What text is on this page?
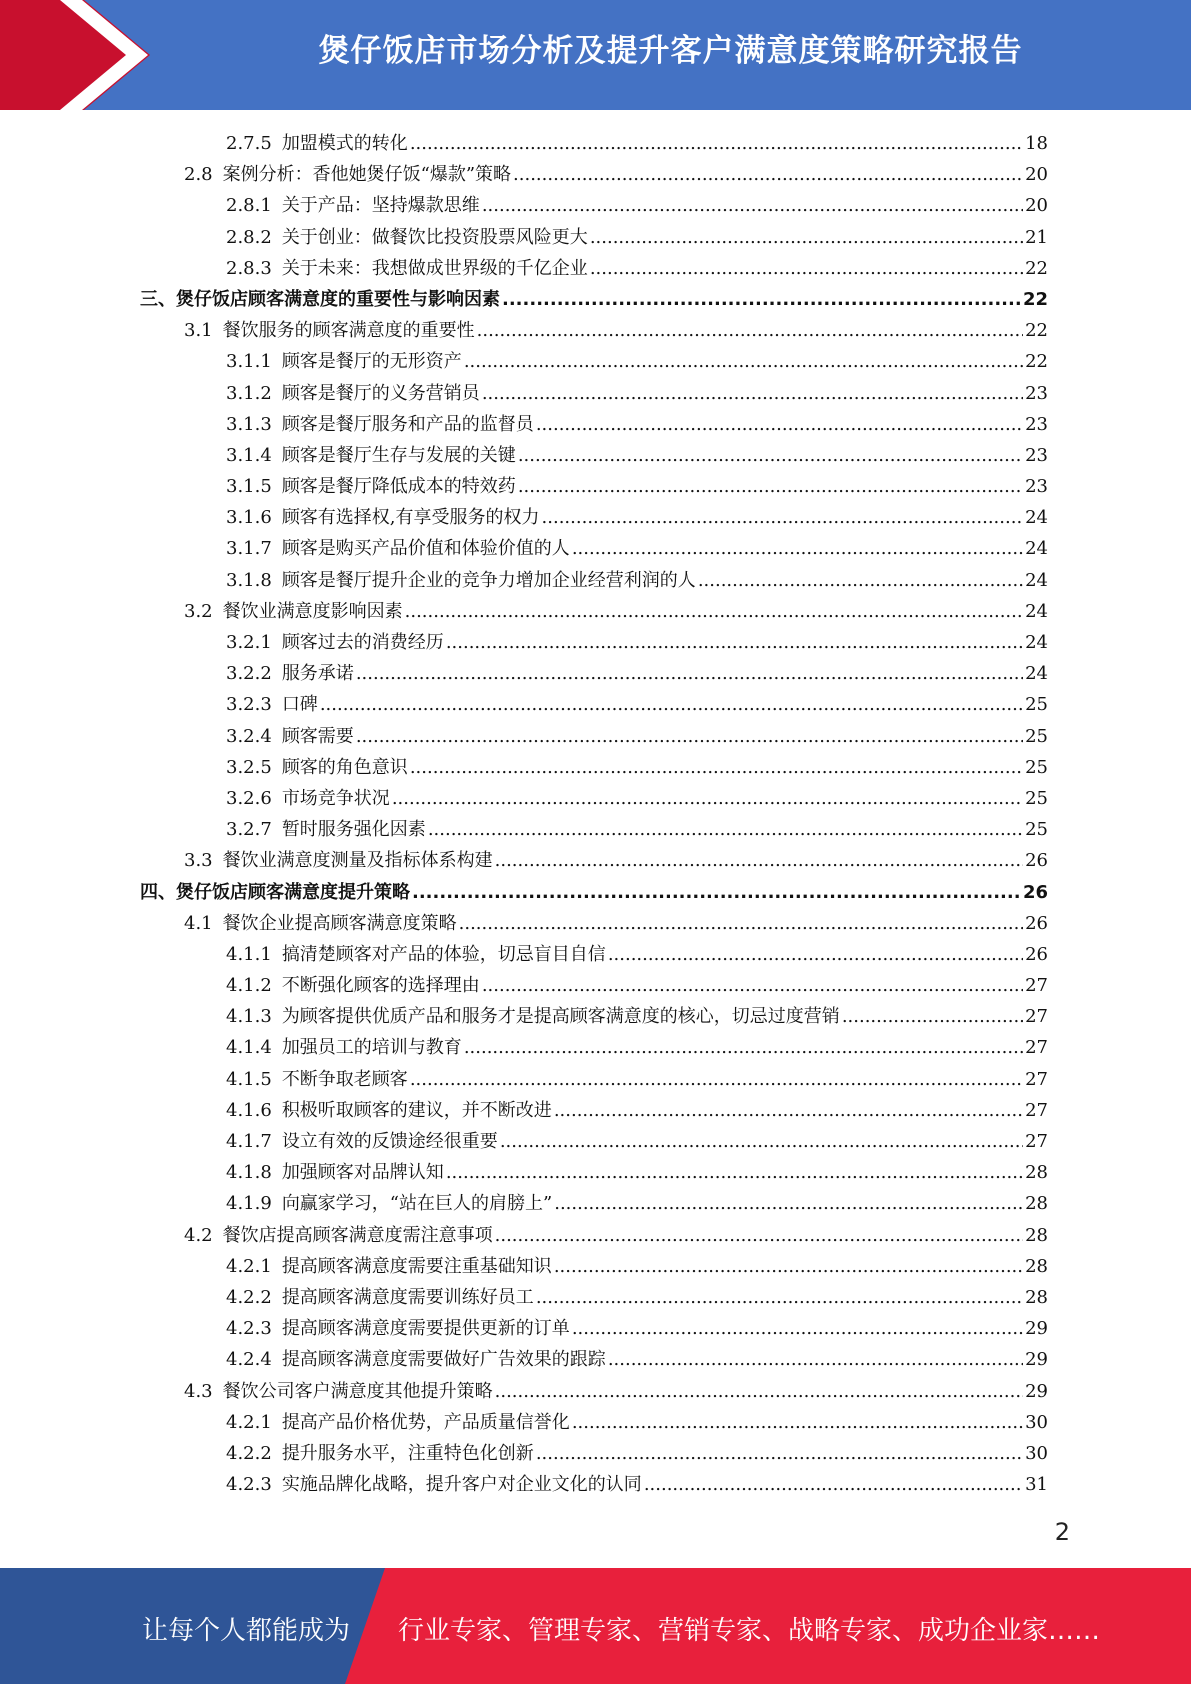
煲仔饭店市场分析及提升客户满意度策略研究报告
2.7.5 加盟模式的转化 .....	18
2.8 案例分析：香他她煲仔饭“爆款”策略 .....	20
2.8.1 关于产品：坚持爆款思维 .....	20
2.8.2 关于创业：做餐饮比投资股票风险更大 .....	21
2.8.3 关于未来：我想做成世界级的千亿企业 .....	22
三、煲仔饭店顾客满意度的重要性与影响因素 .....	22
3.1 餐饮服务的顾客满意度的重要性 .....	22
3.1.1 顾客是餐厅的无形资产 .....	22
3.1.2 顾客是餐厅的义务营销员 .....	23
3.1.3 顾客是餐厅服务和产品的监督员 .....	23
3.1.4 顾客是餐厅生存与发展的关键 .....	23
3.1.5 顾客是餐厅降低成本的特效药 .....	23
3.1.6 顾客有选择权,有享受服务的权力 .....	24
3.1.7 顾客是购买产品价值和体验价值的人 .....	24
3.1.8 顾客是餐厅提升企业的竞争力增加企业经营利润的人 .....	24
3.2 餐饮业满意度影响因素 .....	24
3.2.1 顾客过去的消费经历 .....	24
3.2.2 服务承诺 .....	24
3.2.3 口碑 .....	25
3.2.4 顾客需要 .....	25
3.2.5 顾客的角色意识 .....	25
3.2.6 市场竞争状况 .....	25
3.2.7 暂时服务强化因素 .....	25
3.3 餐饮业满意度测量及指标体系构建 .....	26
四、煲仔饭店顾客满意度提升策略 .....	26
4.1 餐饮企业提高顾客满意度策略 .....	26
4.1.1 搞清楚顾客对产品的体验，切忌盲目自信 .....	26
4.1.2 不断强化顾客的选择理由 .....	27
4.1.3 为顾客提供优质产品和服务才是提高顾客满意度的核心，切忌过度营销 .....	27
4.1.4 加强员工的培训与教育 .....	27
4.1.5 不断争取老顾客 .....	27
4.1.6 积极听取顾客的建议，并不断改进 .....	27
4.1.7 设立有效的反馈途经很重要 .....	27
4.1.8 加强顾客对品牌认知 .....	28
4.1.9 向赢家学习，“站在巨人的肩膀上” .....	28
4.2 餐饮店提高顾客满意度需注意事项 .....	28
4.2.1 提高顾客满意度需要注重基础知识 .....	28
4.2.2 提高顾客满意度需要训练好员工 .....	28
4.2.3 提高顾客满意度需要提供更新的订单 .....	29
4.2.4 提高顾客满意度需要做好广告效果的跟踪 .....	29
4.3 餐饮公司客户满意度其他提升策略 .....	29
4.2.1 提高产品价格优势，产品质量信誉化 .....	30
4.2.2 提升服务水平，注重特色化创新 .....	30
4.2.3 实施品牌化战略，提升客户对企业文化的认同 .....	31
2
让每个人都能成为 行业专家、管理专家、营销专家、战略专家、成功企业家……
